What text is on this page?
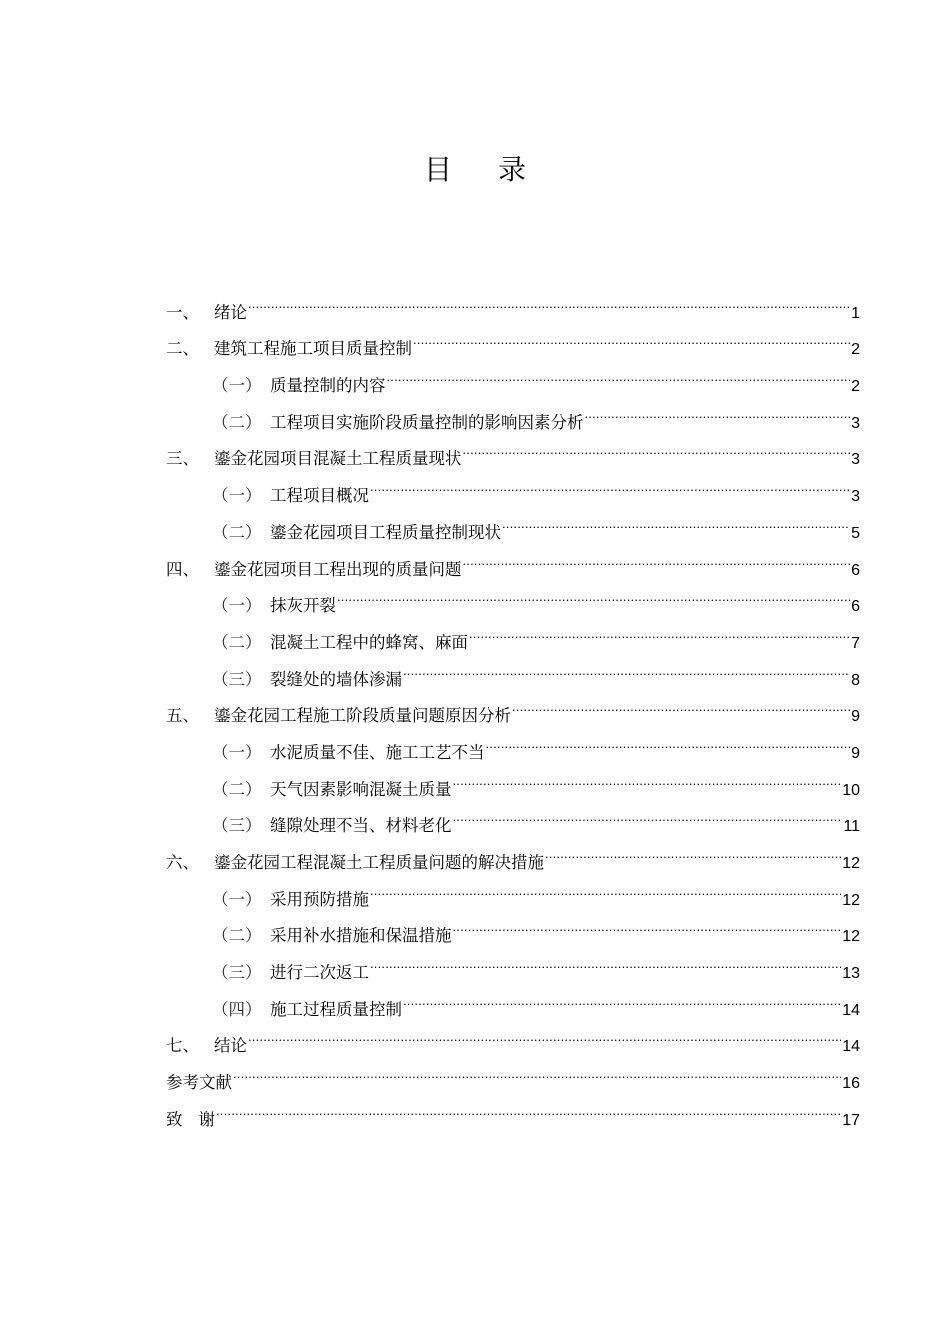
目 录
一、 绪论 .....	1
二、 建筑工程施工项目质量控制 .....	2
（一） 质量控制的内容 .....	2
（二） 工程项目实施阶段质量控制的影响因素分析 .....	3
三、 鎏金花园项目混凝土工程质量现状 .....	3
（一） 工程项目概况 .....	3
（二） 鎏金花园项目工程质量控制现状 .....	5
四、 鎏金花园项目工程出现的质量问题 .....	6
（一） 抹灰开裂 .....	6
（二） 混凝土工程中的蜂窝、麻面 .....	7
（三） 裂缝处的墙体渗漏 .....	8
五、 鎏金花园工程施工阶段质量问题原因分析 .....	9
（一） 水泥质量不佳、施工工艺不当 .....	9
（二） 天气因素影响混凝土质量 .....	10
（三） 缝隙处理不当、材料老化 .....	11
六、 鎏金花园工程混凝土工程质量问题的解决措施 .....	12
（一） 采用预防措施 .....	12
（二） 采用补水措施和保温措施 .....	12
（三） 进行二次返工 .....	13
（四） 施工过程质量控制 .....	14
七、 结论 .....	14
参考文献 .....	16
致 谢 .....	17
